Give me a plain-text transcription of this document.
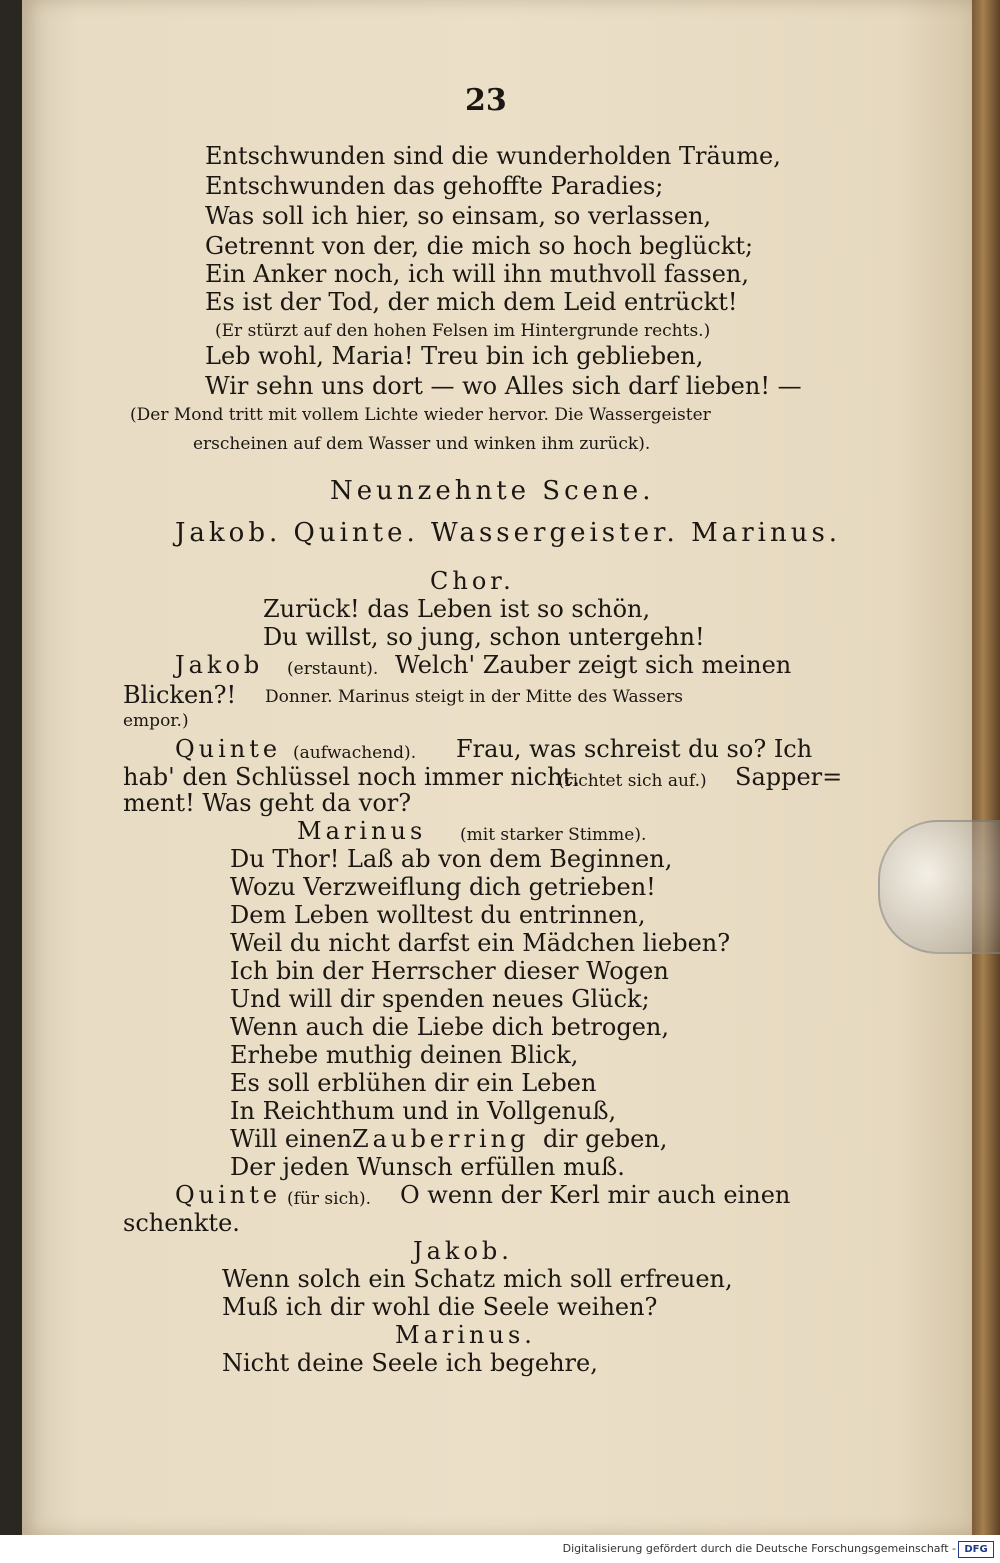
23
Entschwunden sind die wunderholden Träume,
Entschwunden das gehoffte Paradies;
Was soll ich hier, so einsam, so verlassen,
Getrennt von der, die mich so hoch beglückt;
Ein Anker noch, ich will ihn muthvoll fassen,
Es ist der Tod, der mich dem Leid entrückt!
(Er stürzt auf den hohen Felsen im Hintergrunde rechts.)
Leb wohl, Maria! Treu bin ich geblieben,
Wir sehn uns dort — wo Alles sich darf lieben! —
(Der Mond tritt mit vollem Lichte wieder hervor. Die Wassergeister
erscheinen auf dem Wasser und winken ihm zurück).
Neunzehnte Scene.
Jakob. Quinte. Wassergeister. Marinus.
Chor.
Zurück! das Leben ist so schön,
Du willst, so jung, schon untergehn!
Jakob (erstaunt). Welch' Zauber zeigt sich meinen
Blicken?! Donner. Marinus steigt in der Mitte des Wassers
empor.)
Quinte (aufwachend). Frau, was schreist du so? Ich
hab' den Schlüssel noch immer nicht.
(richtet sich auf.) Sapper=
ment! Was geht da vor?
Marinus (mit starker Stimme).
Du Thor! Laß ab von dem Beginnen,
Wozu Verzweiflung dich getrieben!
Dem Leben wolltest du entrinnen,
Weil du nicht darfst ein Mädchen lieben?
Ich bin der Herrscher dieser Wogen
Und will dir spenden neues Glück;
Wenn auch die Liebe dich betrogen,
Erhebe muthig deinen Blick,
Es soll erblühen dir ein Leben
In Reichthum und in Vollgenuß,
Will einen Zauberring dir geben,
Der jeden Wunsch erfüllen muß.
Quinte (für sich). O wenn der Kerl mir auch einen
schenkte.
Jakob.
Wenn solch ein Schatz mich soll erfreuen,
Muß ich dir wohl die Seele weihen?
Marinus.
Nicht deine Seele ich begehre,
Digitalisierung gefördert durch die Deutsche Forschungsgemeinschaft - DFG
